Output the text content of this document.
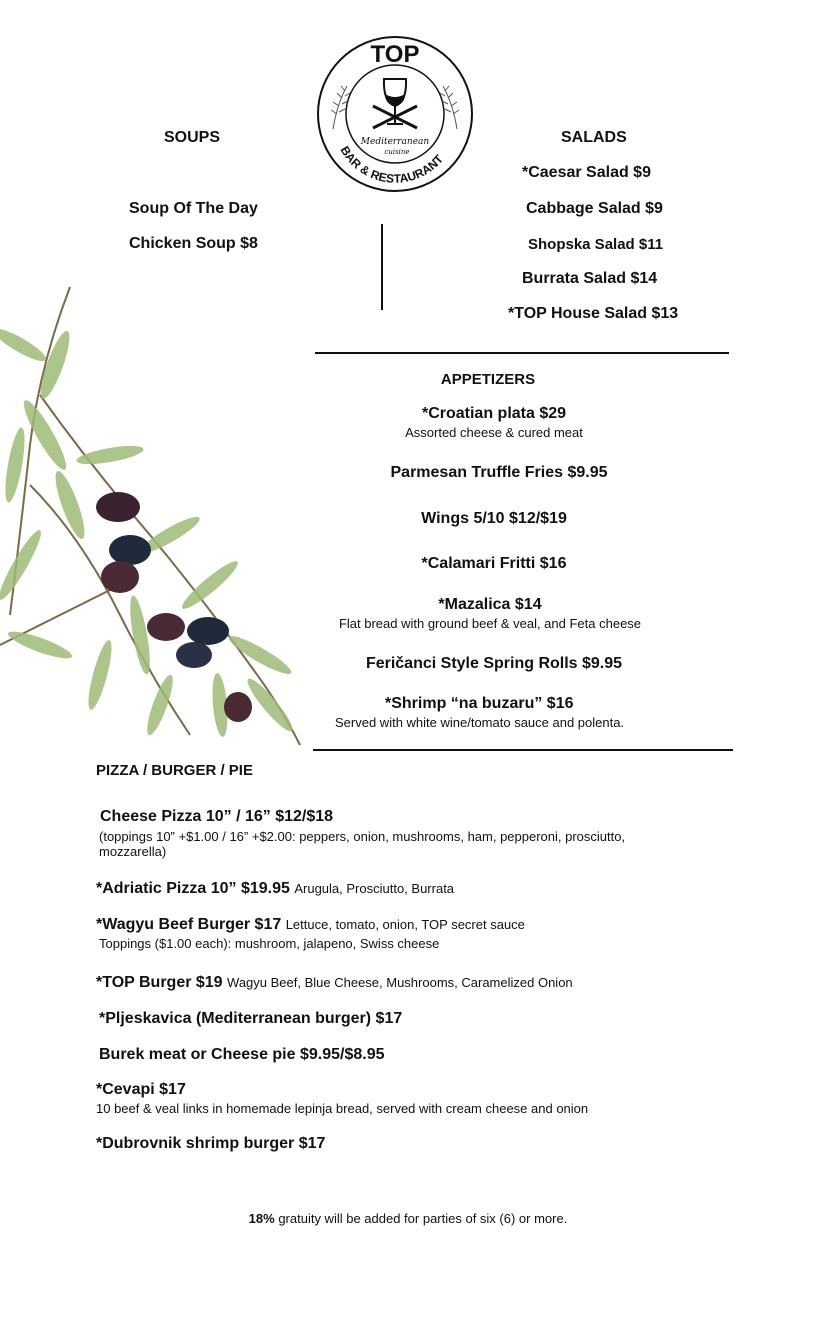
TOP
Mediterranean
cuisine
BAR & RESTAURANT
SOUPS
Soup Of The Day
Chicken Soup $8
SALADS
*Caesar Salad $9
Cabbage Salad $9
Shopska Salad $11
Burrata Salad $14
*TOP House Salad $13
APPETIZERS
*Croatian plata $29
Assorted cheese & cured meat
Parmesan Truffle Fries $9.95
Wings 5/10 $12/$19
*Calamari Fritti $16
*Mazalica $14
Flat bread with ground beef & veal, and Feta cheese
Feričanci Style Spring Rolls $9.95
*Shrimp “na buzaru” $16
Served with white wine/tomato sauce and polenta.
PIZZA / BURGER / PIE
Cheese Pizza 10” / 16” $12/$18
(toppings 10” +$1.00 / 16” +$2.00: peppers, onion, mushrooms, ham, pepperoni, prosciutto, mozzarella)
*Adriatic Pizza 10” $19.95 Arugula, Prosciutto, Burrata
*Wagyu Beef Burger $17 Lettuce, tomato, onion, TOP secret sauce
Toppings ($1.00 each): mushroom, jalapeno, Swiss cheese
*TOP Burger $19 Wagyu Beef, Blue Cheese, Mushrooms, Caramelized Onion
*Pljeskavica (Mediterranean burger) $17
Burek meat or Cheese pie $9.95/$8.95
*Cevapi $17
10 beef & veal links in homemade lepinja bread, served with cream cheese and onion
*Dubrovnik shrimp burger $17
18% gratuity will be added for parties of six (6) or more.
